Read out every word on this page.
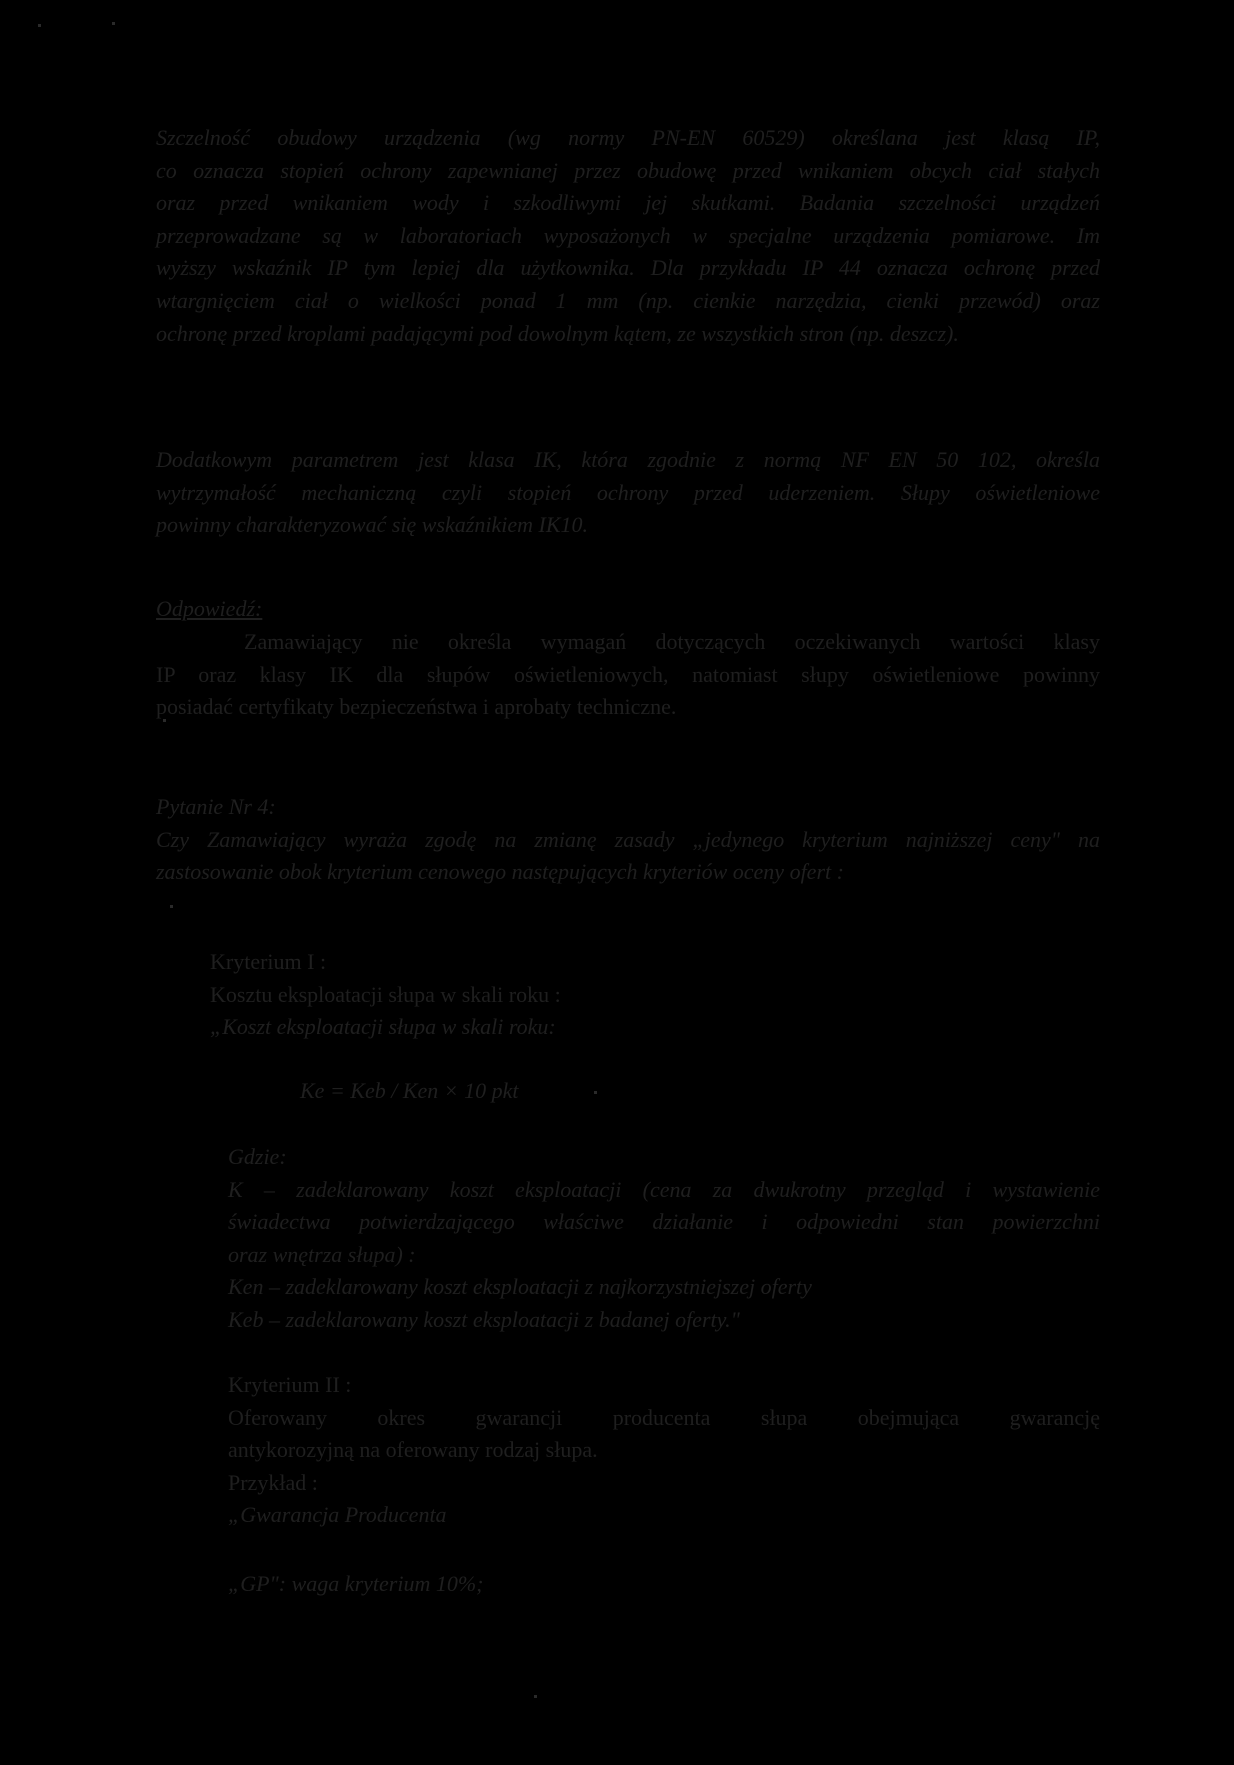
Szczelność obudowy urządzenia (wg normy PN-EN 60529) określana jest klasą IP,

co oznacza stopień ochrony zapewnianej przez obudowę przed wnikaniem obcych ciał stałych

oraz przed wnikaniem wody i szkodliwymi jej skutkami. Badania szczelności urządzeń

przeprowadzane są w laboratoriach wyposażonych w specjalne urządzenia pomiarowe. Im

wyższy wskaźnik IP tym lepiej dla użytkownika. Dla przykładu IP 44 oznacza ochronę przed

wtargnięciem ciał o wielkości ponad 1 mm (np. cienkie narzędzia, cienki przewód) oraz

ochronę przed kroplami padającymi pod dowolnym kątem, ze wszystkich stron (np. deszcz).

Dodatkowym parametrem jest klasa IK, która zgodnie z normą NF EN 50 102, określa

wytrzymałość mechaniczną czyli stopień ochrony przed uderzeniem. Słupy oświetleniowe

powinny charakteryzować się wskaźnikiem IK10.

Odpowiedź:

Zamawiający nie określa wymagań dotyczących oczekiwanych wartości klasy

IP oraz klasy IK dla słupów oświetleniowych, natomiast słupy oświetleniowe powinny

posiadać certyfikaty bezpieczeństwa i aprobaty techniczne.

Pytanie Nr 4:

Czy Zamawiający wyraża zgodę na zmianę zasady „jedynego kryterium najniższej ceny" na

zastosowanie obok kryterium cenowego następujących kryteriów oceny ofert :

Kryterium I :

Kosztu eksploatacji słupa w skali roku :

„Koszt eksploatacji słupa w skali roku:

Ke = Keb / Ken × 10 pkt

Gdzie:

K – zadeklarowany koszt eksploatacji (cena za dwukrotny przegląd i wystawienie

świadectwa potwierdzającego właściwe działanie i odpowiedni stan powierzchni

oraz wnętrza słupa) :

Ken – zadeklarowany koszt eksploatacji z najkorzystniejszej oferty

Keb – zadeklarowany koszt eksploatacji z badanej oferty."

Kryterium II :

Oferowany okres gwarancji producenta słupa obejmująca gwarancję

antykorozyjną na oferowany rodzaj słupa.

Przykład :

„Gwarancja Producenta

„GP": waga kryterium 10%;
